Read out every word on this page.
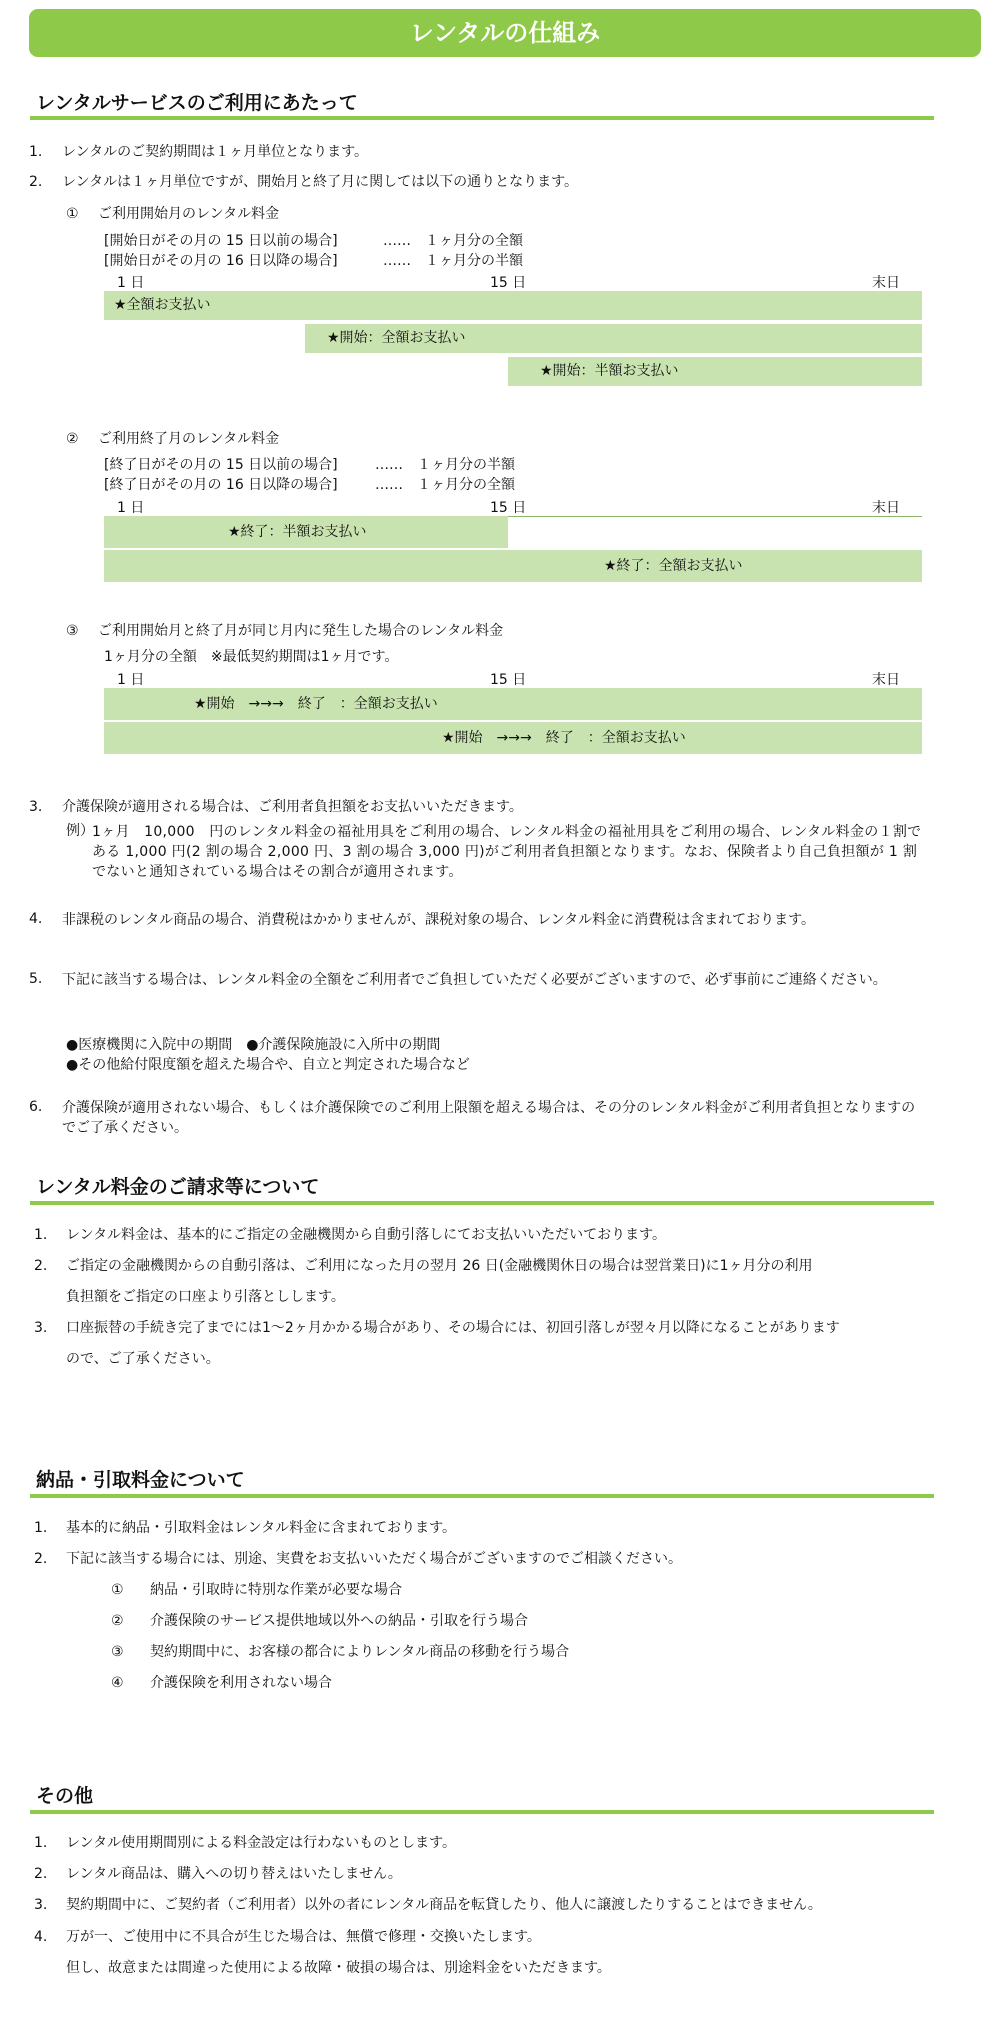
レンタルの仕組み
レンタルサービスのご利用にあたって
1. レンタルのご契約期間は１ヶ月単位となります。
2. レンタルは１ヶ月単位ですが、開始月と終了月に関しては以下の通りとなります。
① ご利用開始月のレンタル料金
[開始日がその月の 15 日以前の場合]	……　１ヶ月分の全額
[開始日がその月の 16 日以降の場合]	……　１ヶ月分の半額
1 日	15 日	末日
★全額お支払い
★開始：全額お支払い
★開始：半額お支払い
② ご利用終了月のレンタル料金
[終了日がその月の 15 日以前の場合]	……　１ヶ月分の半額
[終了日がその月の 16 日以降の場合]	……　１ヶ月分の全額
1 日	15 日	末日
★終了：半額お支払い
★終了：全額お支払い
③ ご利用開始月と終了月が同じ月内に発生した場合のレンタル料金
1ヶ月分の全額　※最低契約期間は1ヶ月です。
1 日	15 日	末日
★開始　→→→　終了　：全額お支払い
★開始　→→→　終了　：全額お支払い
3. 介護保険が適用される場合は、ご利用者負担額をお支払いいただきます。
例）
1ヶ月　10,000　円のレンタル料金の福祉用具をご利用の場合、レンタル料金の福祉用具をご利用の場合、レンタル料金の１割である 1,000 円(2 割の場合 2,000 円、3 割の場合 3,000 円)がご利用者負担額となります。なお、保険者より自己負担額が 1 割でないと通知されている場合はその割合が適用されます。
4. 非課税のレンタル商品の場合、消費税はかかりませんが、課税対象の場合、レンタル料金に消費税は含まれております。
5. 下記に該当する場合は、レンタル料金の全額をご利用者でご負担していただく必要がございますので、必ず事前にご連絡ください。
●医療機関に入院中の期間　●介護保険施設に入所中の期間
●その他給付限度額を超えた場合や、自立と判定された場合など
6. 介護保険が適用されない場合、もしくは介護保険でのご利用上限額を超える場合は、その分のレンタル料金がご利用者負担となりますのでご了承ください。
レンタル料金のご請求等について
1. レンタル料金は、基本的にご指定の金融機関から自動引落しにてお支払いいただいております。
2. ご指定の金融機関からの自動引落は、ご利用になった月の翌月 26 日(金融機関休日の場合は翌営業日)に1ヶ月分の利用
負担額をご指定の口座より引落としします。
3. 口座振替の手続き完了までには1～2ヶ月かかる場合があり、その場合には、初回引落しが翌々月以降になることがあります
ので、ご了承ください。
納品・引取料金について
1. 基本的に納品・引取料金はレンタル料金に含まれております。
2. 下記に該当する場合には、別途、実費をお支払いいただく場合がございますのでご相談ください。
① 納品・引取時に特別な作業が必要な場合
② 介護保険のサービス提供地域以外への納品・引取を行う場合
③ 契約期間中に、お客様の都合によりレンタル商品の移動を行う場合
④ 介護保険を利用されない場合
その他
1. レンタル使用期間別による料金設定は行わないものとします。
2. レンタル商品は、購入への切り替えはいたしません。
3. 契約期間中に、ご契約者（ご利用者）以外の者にレンタル商品を転貸したり、他人に譲渡したりすることはできません。
4. 万が一、ご使用中に不具合が生じた場合は、無償で修理・交換いたします。
但し、故意または間違った使用による故障・破損の場合は、別途料金をいただきます。
